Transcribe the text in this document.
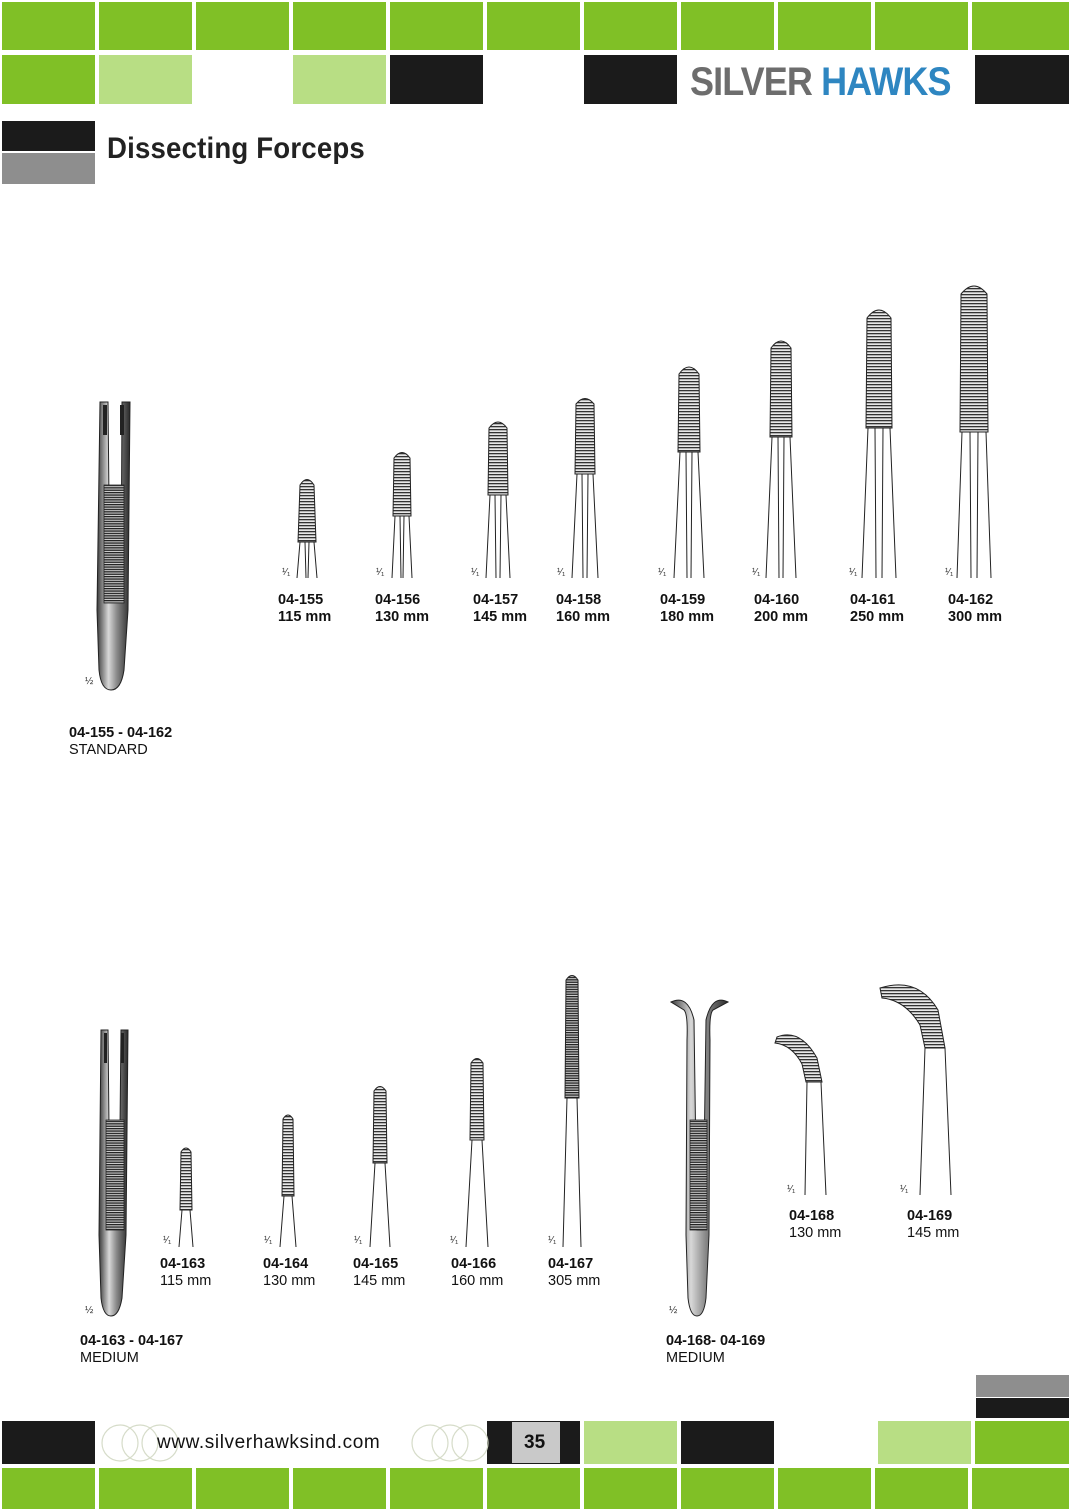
SILVER HAWKS
Dissecting Forceps
¹⁄₁	¹⁄₁	¹⁄₁	¹⁄₁	¹⁄₁	¹⁄₁	¹⁄₁	¹⁄₁
½
¹⁄₁	¹⁄₁	¹⁄₁	¹⁄₁	¹⁄₁
½
¹⁄₁	¹⁄₁
½
04-155
115 mm
04-156
130 mm
04-157
145 mm
04-158
160 mm
04-159
180 mm
04-160
200 mm
04-161
250 mm
04-162
300 mm
04-155 - 04-162
STANDARD
04-163
115 mm
04-164
130 mm
04-165
145 mm
04-166
160 mm
04-167
305 mm
04-168
130 mm
04-169
145 mm
04-163 - 04-167
MEDIUM
04-168- 04-169
MEDIUM
www.silverhawksind.com	35
